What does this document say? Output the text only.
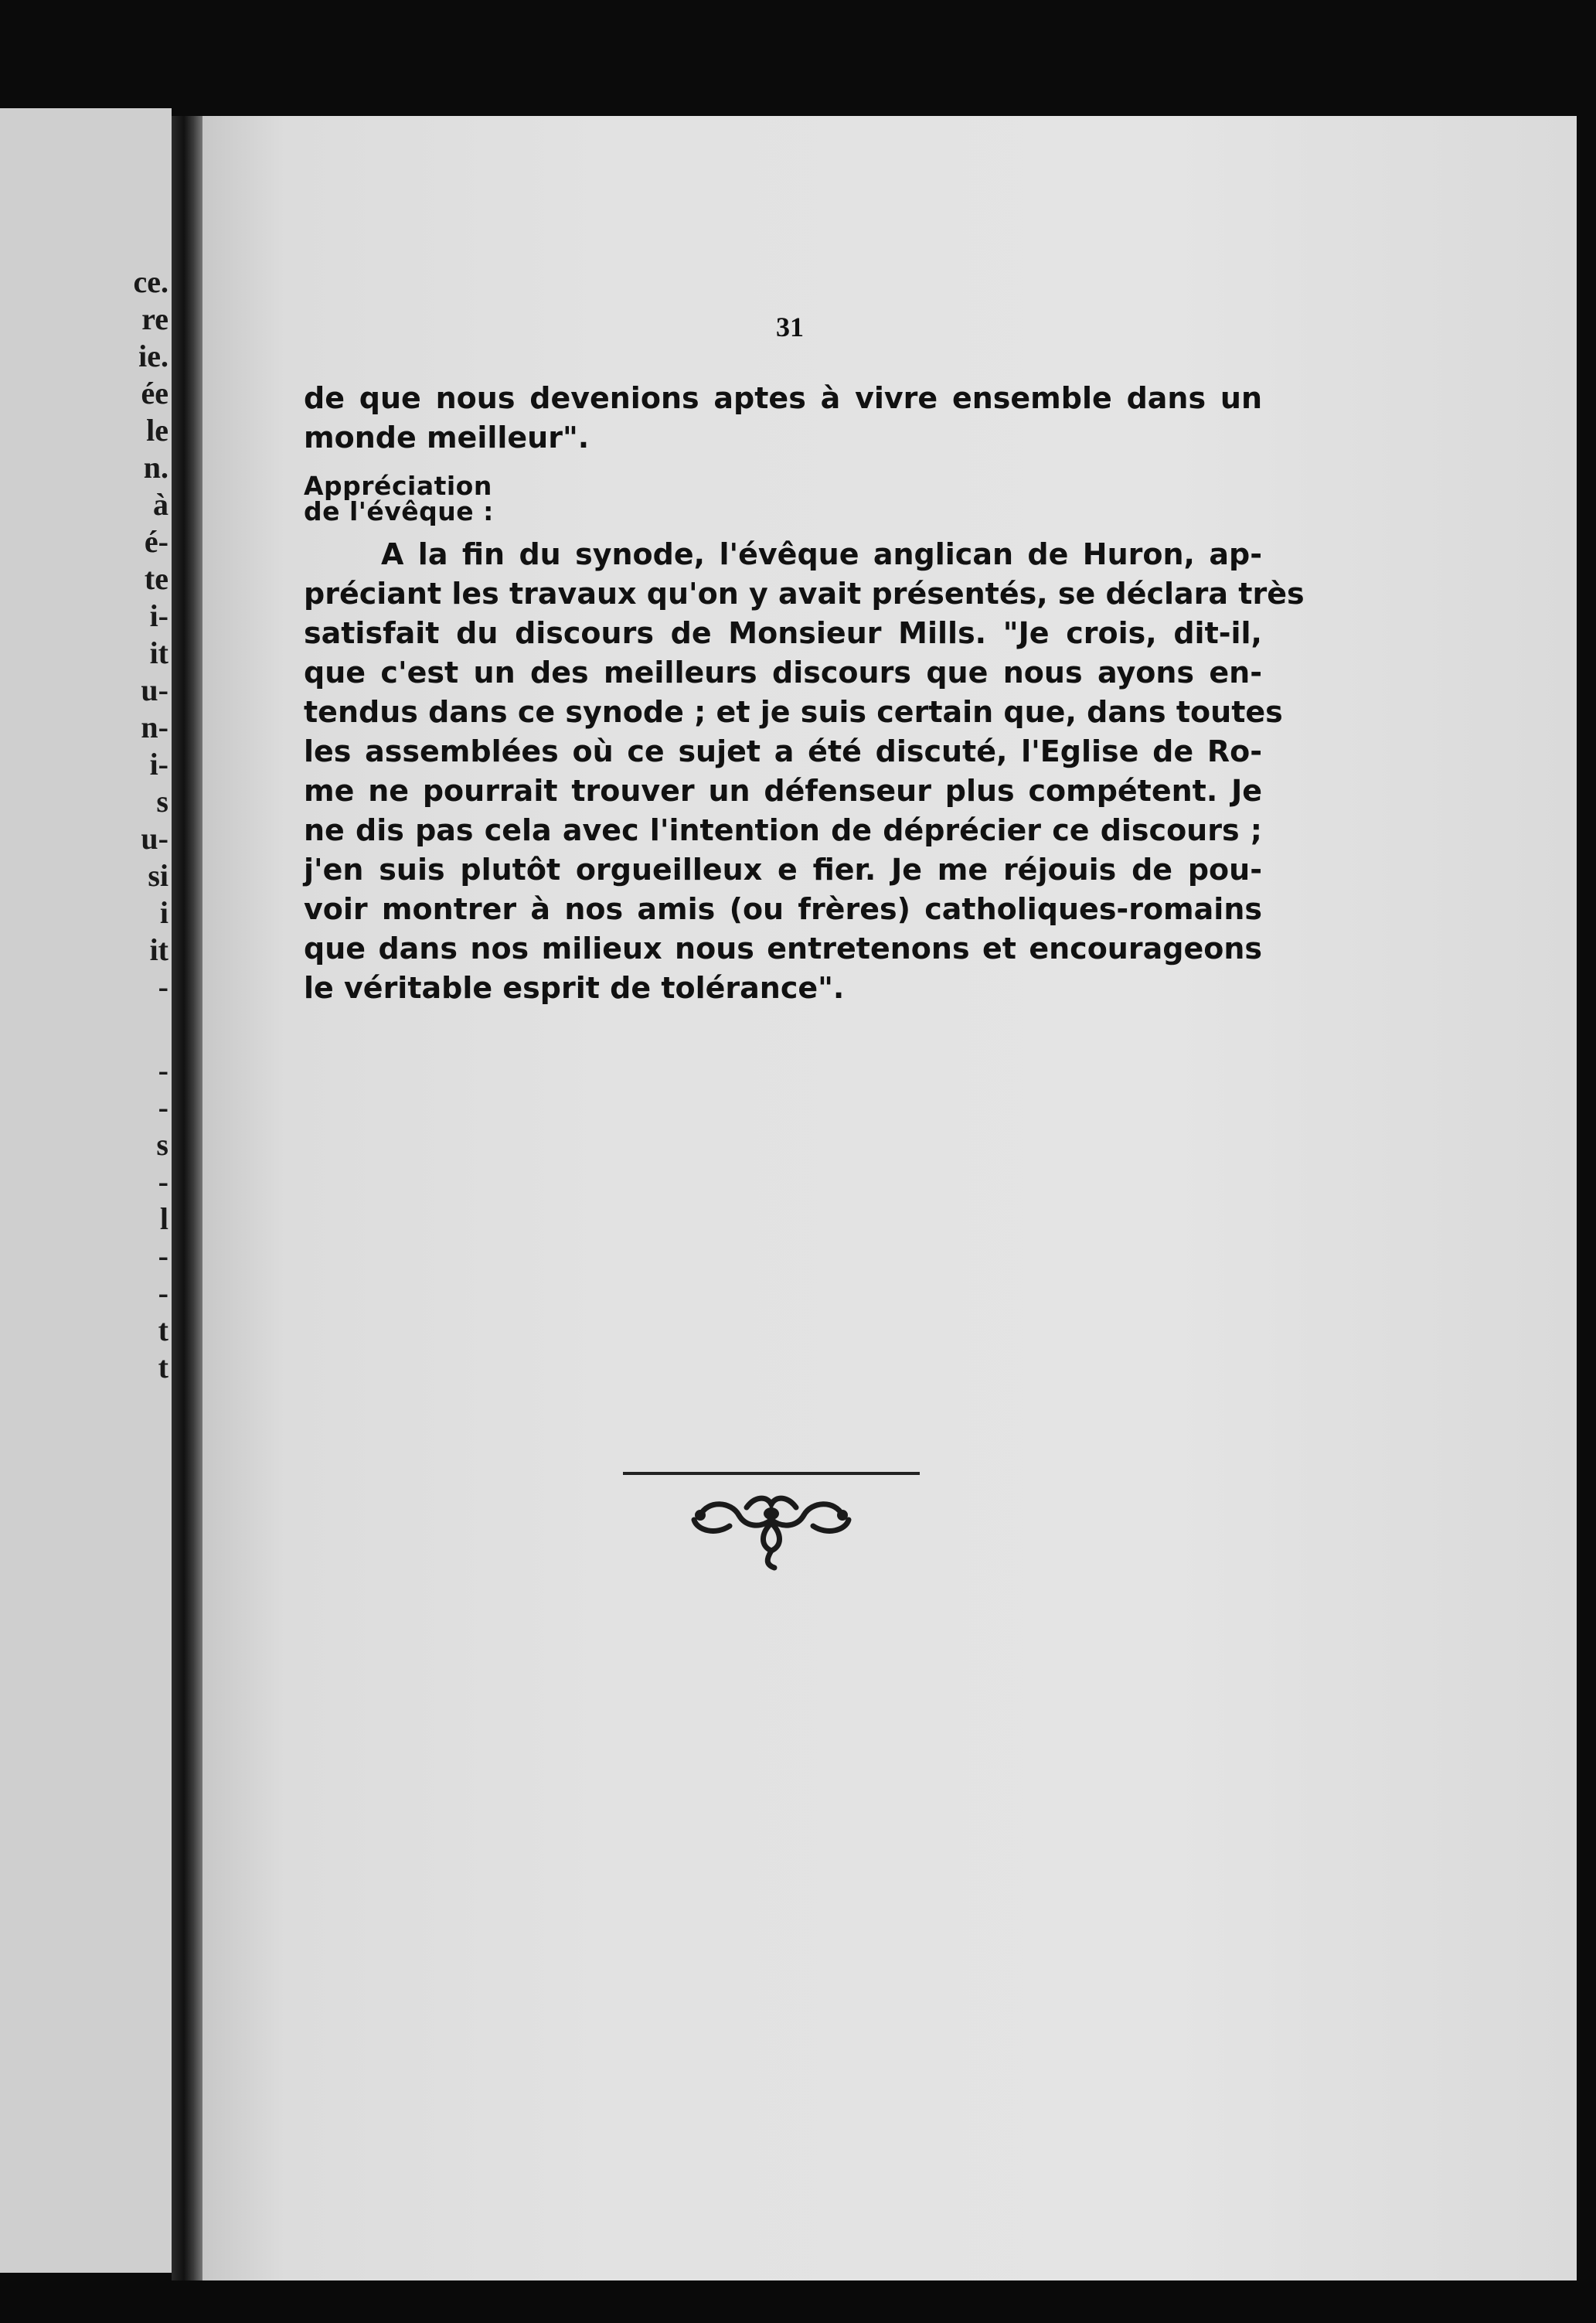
ce.
re
ie.
ée
le
n.
à
é-
te
i-
it
u-
n-
i-
s
u-
si
i
it
-
-
-
s
-
l
-
-
t
t
31

de que nous devenions aptes à vivre ensemble dans un
monde meilleur".

Appréciation
de l'évêque :

A la fin du synode, l'évêque anglican de Huron, ap-
préciant les travaux qu'on y avait présentés, se déclara très
satisfait du discours de Monsieur Mills. "Je crois, dit-il,
que c'est un des meilleurs discours que nous ayons en-
tendus dans ce synode ; et je suis certain que, dans toutes
les assemblées où ce sujet a été discuté, l'Eglise de Ro-
me ne pourrait trouver un défenseur plus compétent. Je
ne dis pas cela avec l'intention de déprécier ce discours ;
j'en suis plutôt orgueilleux e fier. Je me réjouis de pou-
voir montrer à nos amis (ou frères) catholiques-romains
que dans nos milieux nous entretenons et encourageons
le véritable esprit de tolérance".
